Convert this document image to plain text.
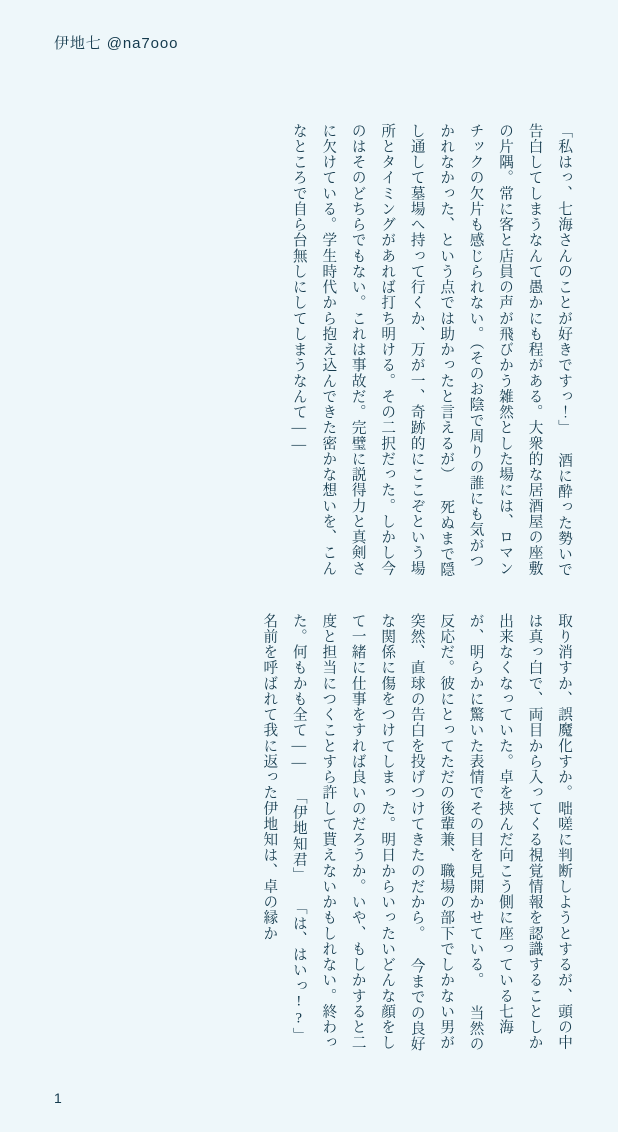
伊地七 @na7ooo
「私はっ、七海さんのことが好きですっ！」 酒に酔った勢いで告白してしまうなんて愚かにも程がある。大衆的な居酒屋の座敷の片隅。常に客と店員の声が飛びかう雑然とした場には、ロマンチックの欠片も感じられない。（そのお陰で周りの誰にも気がつかれなかった、という点では助かったと言えるが） 死ぬまで隠し通して墓場へ持って行くか、万が一、奇跡的にここぞという場所とタイミングがあれば打ち明ける。その二択だった。しかし今のはそのどちらでもない。これは事故だ。完璧に説得力と真剣さに欠けている。学生時代から抱え込んできた密かな想いを、こんなところで自ら台無しにしてしまうなんて――
取り消すか、誤魔化すか。咄嗟に判断しようとするが、頭の中は真っ白で、両目から入ってくる視覚情報を認識することしか出来なくなっていた。卓を挟んだ向こう側に座っている七海が、明らかに驚いた表情でその目を見開かせている。 当然の反応だ。彼にとってただの後輩兼、職場の部下でしかない男が突然、直球の告白を投げつけてきたのだから。 今までの良好な関係に傷をつけてしまった。明日からいったいどんな顔をして一緒に仕事をすれば良いのだろうか。いや、もしかすると二度と担当につくことすら許して貰えないかもしれない。終わった。何もかも全て―― 「伊地知君」 「は、はいっ!?」 名前を呼ばれて我に返った伊地知は、卓の縁か
1
